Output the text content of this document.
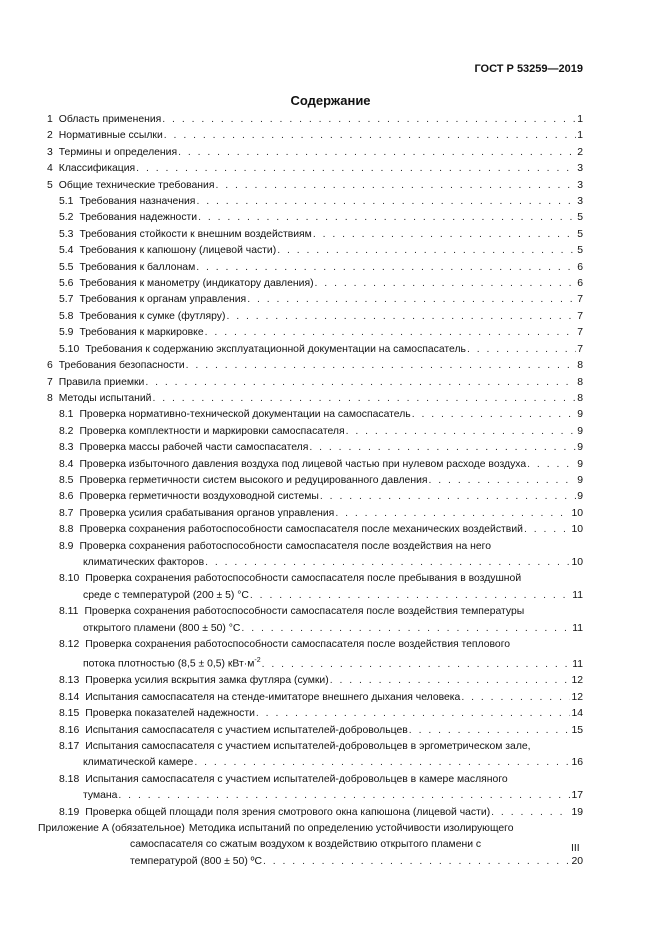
ГОСТ Р 53259—2019
Содержание
1 Область применения . . .	1
2 Нормативные ссылки . . .	1
3 Термины и определения . . .	2
4 Классификация . . .	3
5 Общие технические требования . . .	3
5.1 Требования назначения . . .	3
5.2 Требования надежности . . .	5
5.3 Требования стойкости к внешним воздействиям . . .	5
5.4 Требования к капюшону (лицевой части) . . .	5
5.5 Требования к баллонам . . .	6
5.6 Требования к манометру (индикатору давления) . . .	6
5.7 Требования к органам управления . . .	7
5.8 Требования к сумке (футляру) . . .	7
5.9 Требования к маркировке . . .	7
5.10 Требования к содержанию эксплуатационной документации на самоспасатель . . .	7
6 Требования безопасности . . .	8
7 Правила приемки . . .	8
8 Методы испытаний . . .	8
8.1 Проверка нормативно-технической документации на самоспасатель . . .	9
8.2 Проверка комплектности и маркировки самоспасателя . . .	9
8.3 Проверка массы рабочей части самоспасателя . . .	9
8.4 Проверка избыточного давления воздуха под лицевой частью при нулевом расходе воздуха . . .	9
8.5 Проверка герметичности систем высокого и редуцированного давления . . .	9
8.6 Проверка герметичности воздуховодной системы . . .	9
8.7 Проверка усилия срабатывания органов управления . . .	10
8.8 Проверка сохранения работоспособности самоспасателя после механических воздействий . . .	10
8.9 Проверка сохранения работоспособности самоспасателя после воздействия на него
климатических факторов . . .	10
8.10 Проверка сохранения работоспособности самоспасателя после пребывания в воздушной
среде с температурой (200 ± 5) °C . . .	11
8.11 Проверка сохранения работоспособности самоспасателя после воздействия температуры
открытого пламени (800 ± 50) °C . . .	11
8.12 Проверка сохранения работоспособности самоспасателя после воздействия теплового
потока плотностью (8,5 ± 0,5) $кВт\cdot м^{-2}$ . . .	11
8.13 Проверка усилия вскрытия замка футляра (сумки) . . .	12
8.14 Испытания самоспасателя на стенде-имитаторе внешнего дыхания человека . . .	12
8.15 Проверка показателей надежности . . .	14
8.16 Испытания самоспасателя с участием испытателей-добровольцев . . .	15
8.17 Испытания самоспасателя с участием испытателей-добровольцев в эргометрическом зале,
климатической камере . . .	16
8.18 Испытания самоспасателя с участием испытателей-добровольцев в камере масляного
тумана . . .	17
8.19 Проверка общей площади поля зрения смотрового окна капюшона (лицевой части) . . .	19
Приложение А (обязательное) Методика испытаний по определению устойчивости изолирующего
самоспасателя со сжатым воздухом к воздействию открытого пламени с
температурой (800 ± 50) ºC . . .	20
III
